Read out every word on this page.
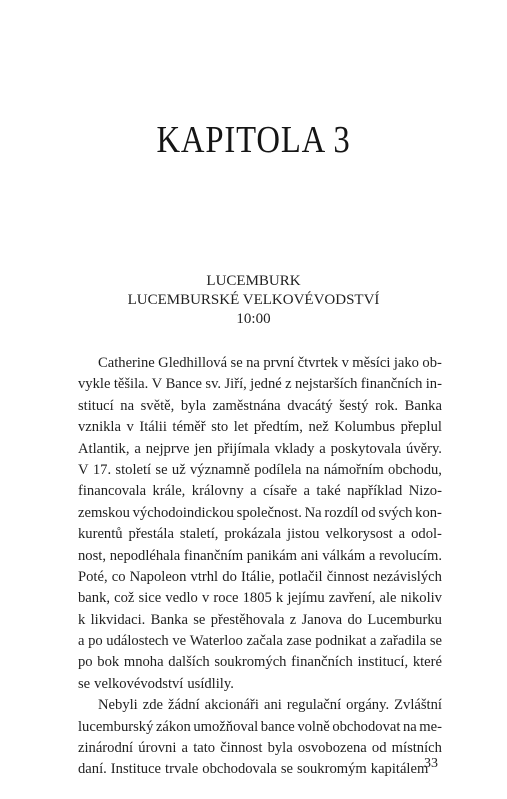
KAPITOLA 3
LUCEMBURK
LUCEMBURSKÉ VELKOVÉVODSTVÍ
10:00
Catherine Gledhillová se na první čtvrtek v měsíci jako ob-
vykle těšila. V Bance sv. Jiří, jedné z nejstarších finančních in-
stitucí na světě, byla zaměstnána dvacátý šestý rok. Banka
vznikla v Itálii téměř sto let předtím, než Kolumbus přeplul
Atlantik, a nejprve jen přijímala vklady a poskytovala úvěry.
V 17. století se už významně podílela na námořním obchodu,
financovala krále, královny a císaře a také například Nizo-
zemskou východoindickou společnost. Na rozdíl od svých kon-
kurentů přestála staletí, prokázala jistou velkorysost a odol-
nost, nepodléhala finančním panikám ani válkám a revolucím.
Poté, co Napoleon vtrhl do Itálie, potlačil činnost nezávislých
bank, což sice vedlo v roce 1805 k jejímu zavření, ale nikoliv
k likvidaci. Banka se přestěhovala z Janova do Lucemburku
a po událostech ve Waterloo začala zase podnikat a zařadila se
po bok mnoha dalších soukromých finančních institucí, které
se velkovévodství usídlily.
Nebyli zde žádní akcionáři ani regulační orgány. Zvláštní
lucemburský zákon umožňoval bance volně obchodovat na me-
zinárodní úrovni a tato činnost byla osvobozena od místních
daní. Instituce trvale obchodovala se soukromým kapitálem
33
